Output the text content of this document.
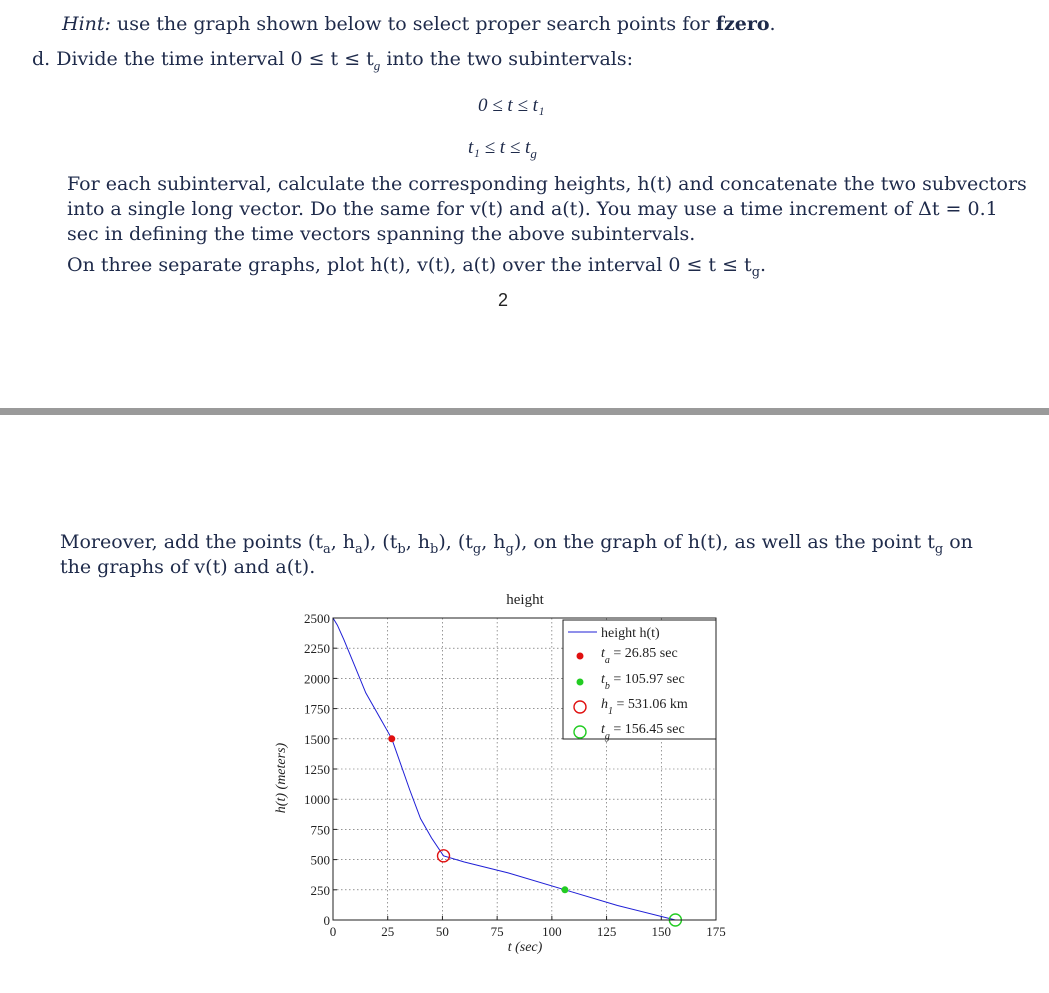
Hint: use the graph shown below to select proper search points for fzero.
d. Divide the time interval $0 \le t \le t_g$ into the two subintervals:
0 ≤ t ≤ t₁
$t_1 \le t \le t_g$
For each subinterval, calculate the corresponding heights, h(t) and concatenate the two subvectors
into a single long vector. Do the same for v(t) and a(t). You may use a time increment of Δt = 0.1
sec in defining the time vectors spanning the above subintervals.
On three separate graphs, plot h(t), v(t), a(t) over the interval $0 \le t \le t_g$.
2
Moreover, add the points ($t_a$, $h_a$), ($t_b$, $h_b$), ($t_g$, $h_g$), on the graph of h(t), as well as the point $t_g$ on
the graphs of v(t) and a(t).
0	25	50	75	100	125	150	175
0
250
500
750
1000
1250
1500
1750
2000
2250
2500
height
t (sec)
h(t) (meters)
height h(t)
$t_a = 26.85$ sec
$t_b = 105.97$ sec
$h_1 = 531.06$ km
$t_g = 156.45$ sec
